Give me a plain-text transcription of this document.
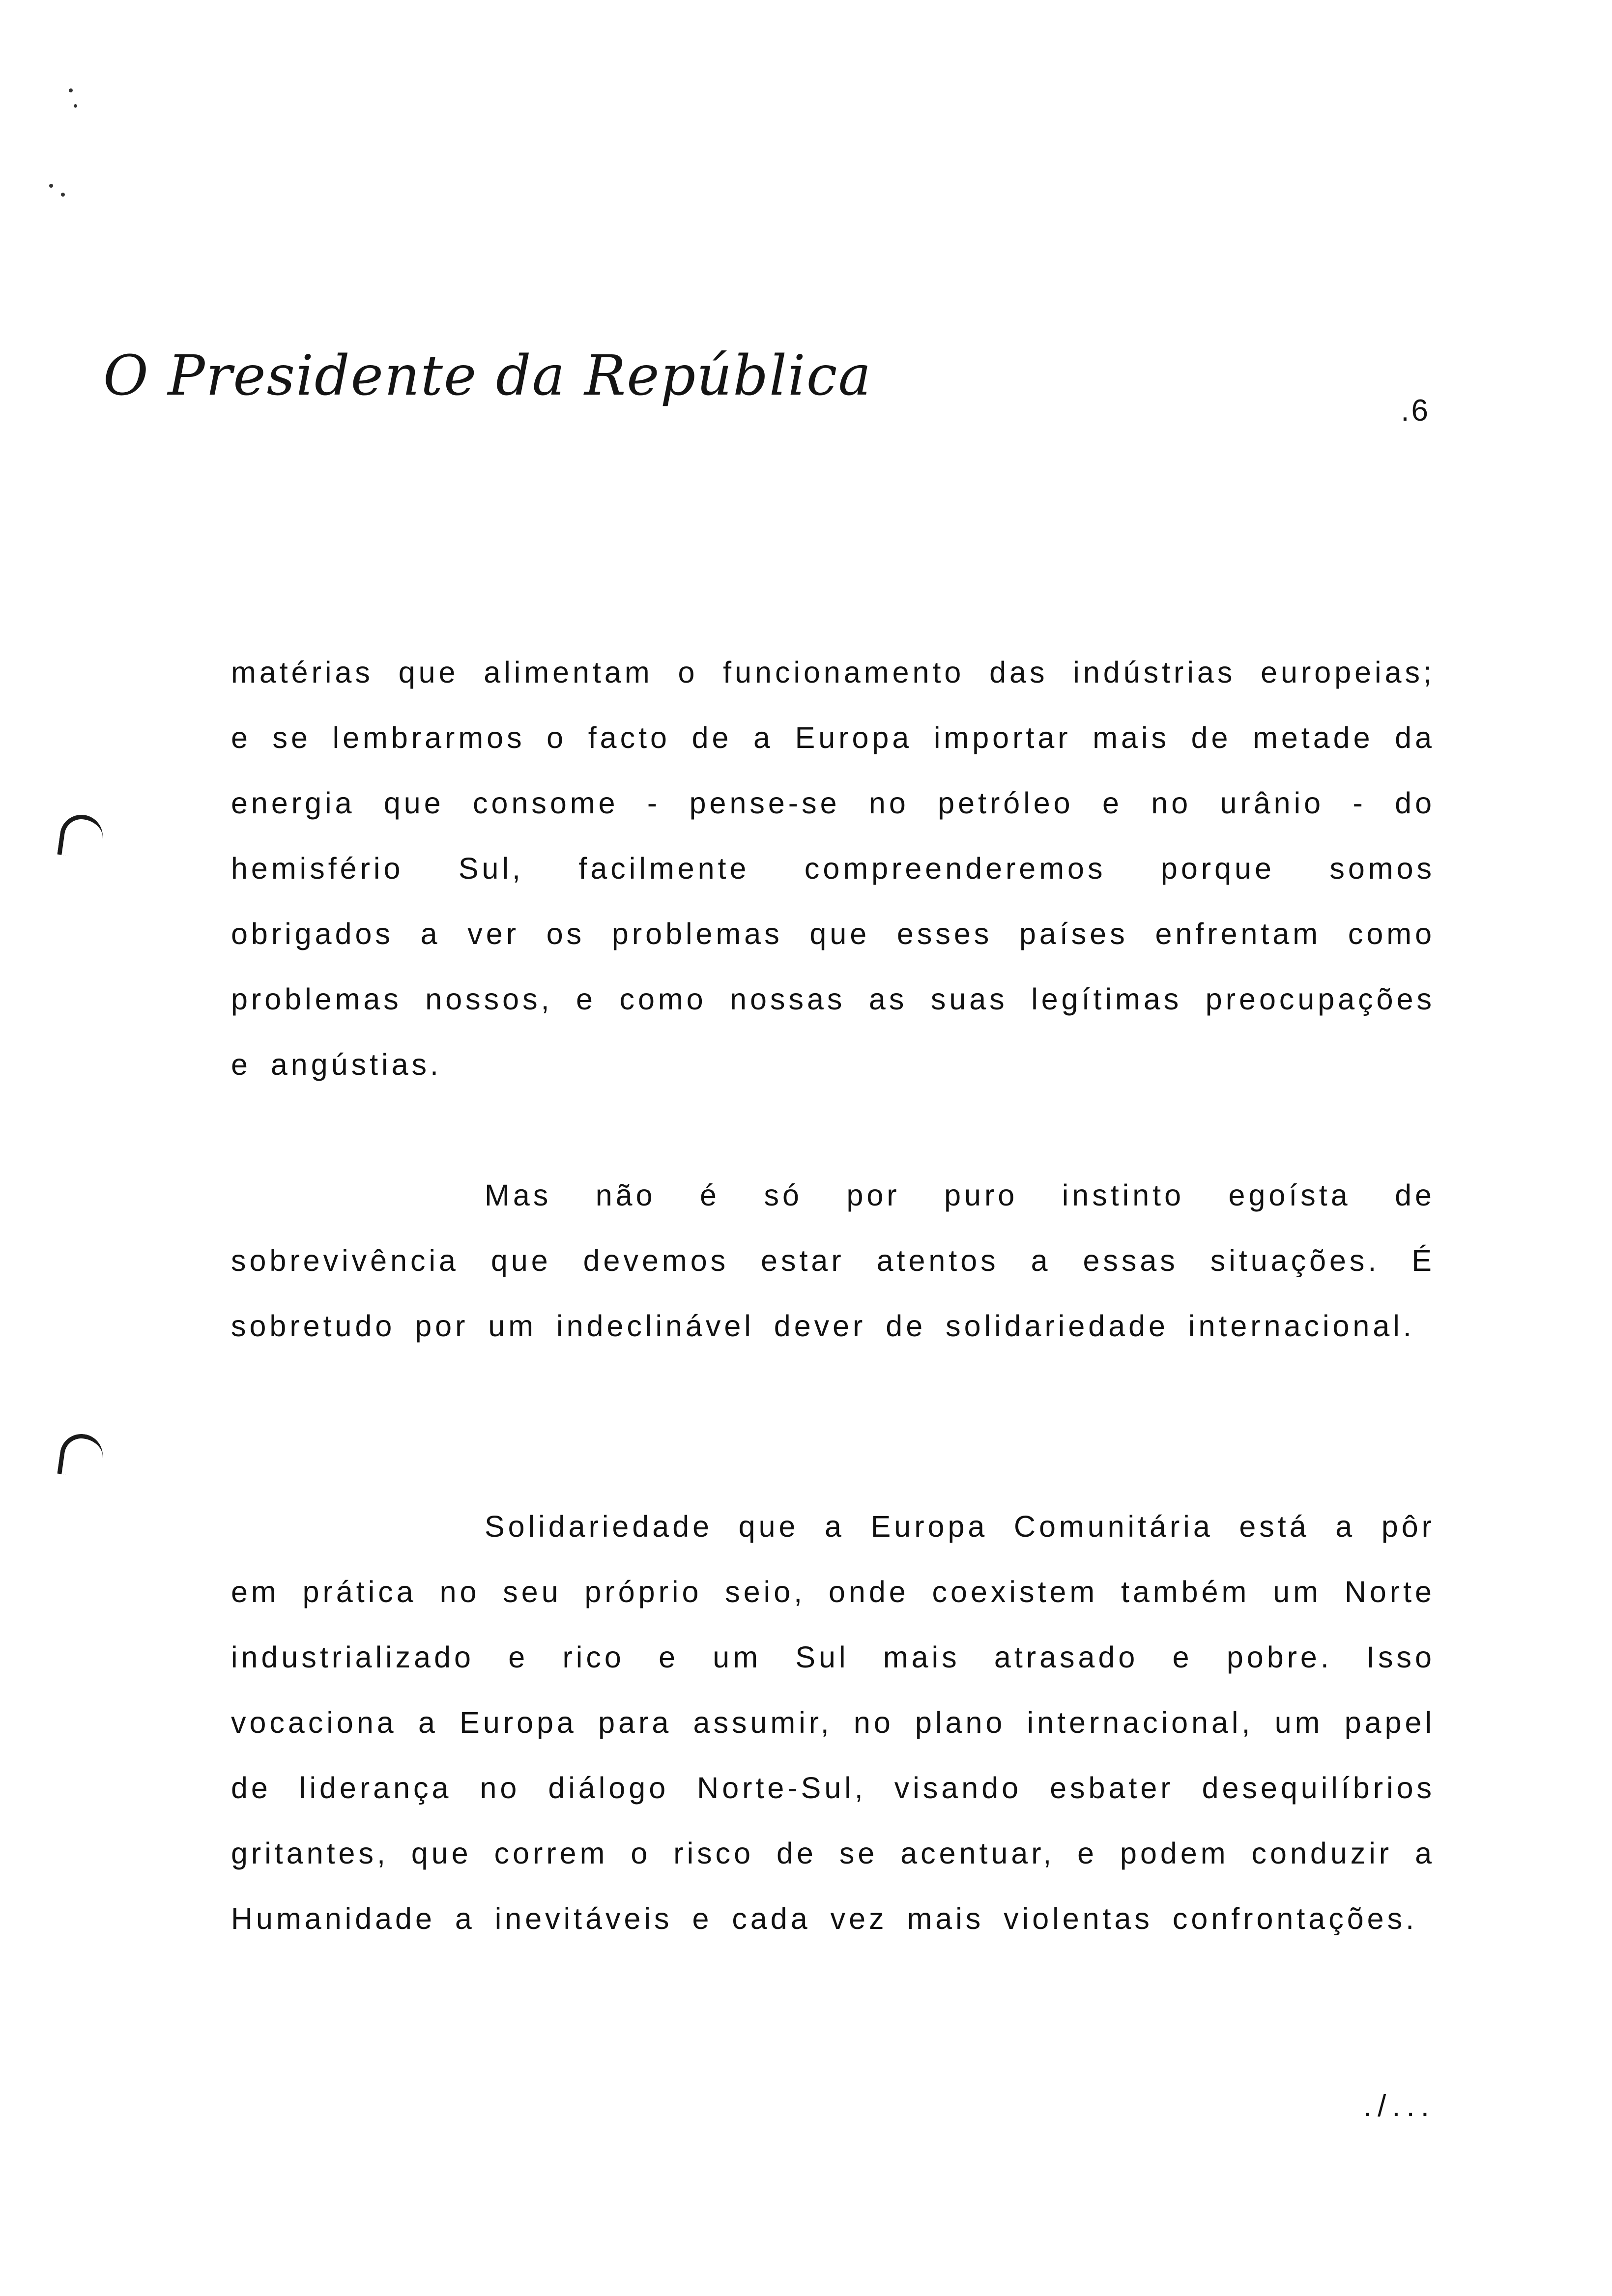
O Presidente da República
.6

matérias que alimentam o funcionamento das indústrias europeias; e se lembrarmos o facto de a Europa importar mais de metade da energia que consome - pense-se no petróleo e no urânio - do hemisfério Sul, facilmente compreenderemos porque somos obrigados a ver os problemas que esses países enfrentam como problemas nossos, e como nossas as suas legítimas preocupações e angústias.

Mas não é só por puro instinto egoísta de sobrevivência que devemos estar atentos a essas situações. É sobretudo por um indeclinável dever de solidariedade internacional.

Solidariedade que a Europa Comunitária está a pôr em prática no seu próprio seio, onde coexistem também um Norte industrializado e rico e um Sul mais atrasado e pobre. Isso vocaciona a Europa para assumir, no plano internacional, um papel de liderança no diálogo Norte-Sul, visando esbater desequilíbrios gritantes, que correm o risco de se acentuar, e podem conduzir a Humanidade a inevitáveis e cada vez mais violentas confrontações.

./...
